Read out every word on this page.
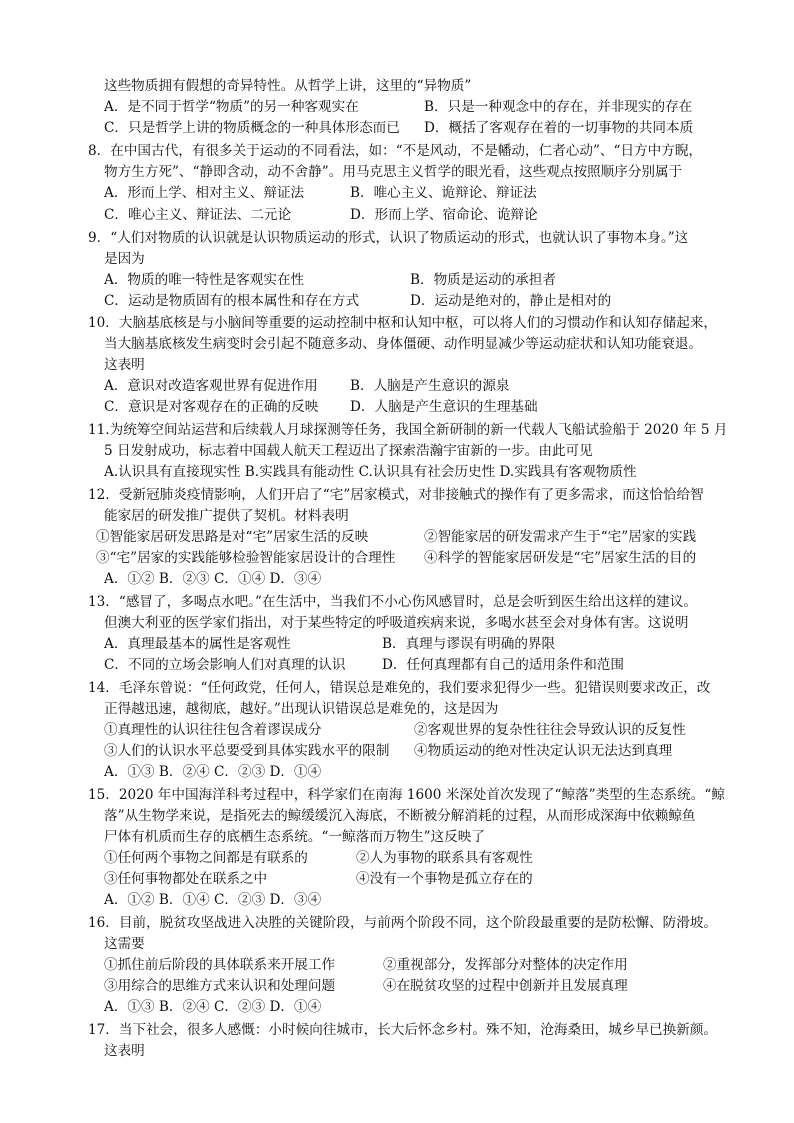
这些物质拥有假想的奇异特性。从哲学上讲，这里的“异物质”
A．是不同于哲学“物质”的另一种客观实在	B．只是一种观念中的存在，并非现实的存在
C．只是哲学上讲的物质概念的一种具体形态而已 D．概括了客观存在着的一切事物的共同本质
8．在中国古代，有很多关于运动的不同看法，如：“不是风动，不是幡动，仁者心动”、“日方中方睨，
物方生方死”、“静即含动，动不舍静”。用马克思主义哲学的眼光看，这些观点按照顺序分别属于
A．形而上学、相对主义、辩证法	B．唯心主义、诡辩论、辩证法
C．唯心主义、辩证法、二元论	D．形而上学、宿命论、诡辩论
9．“人们对物质的认识就是认识物质运动的形式，认识了物质运动的形式，也就认识了事物本身。”这
是因为
A．物质的唯一特性是客观实在性	B．物质是运动的承担者
C．运动是物质固有的根本属性和存在方式	D．运动是绝对的，静止是相对的
10．大脑基底核是与小脑间等重要的运动控制中枢和认知中枢，可以将人们的习惯动作和认知存储起来，
当大脑基底核发生病变时会引起不随意多动、身体僵硬、动作明显减少等运动症状和认知功能衰退。
这表明
A．意识对改造客观世界有促进作用 B．人脑是产生意识的源泉
C．意识是对客观存在的正确的反映 D．人脑是产生意识的生理基础
11.为统筹空间站运营和后续载人月球探测等任务，我国全新研制的新一代载人飞船试验船于 2020 年 5 月
5 日发射成功，标志着中国载人航天工程迈出了探索浩瀚宇宙新的一步。由此可见
A.认识具有直接现实性 B.实践具有能动性 C.认识具有社会历史性 D.实践具有客观物质性
12．受新冠肺炎疫情影响，人们开启了“宅”居家模式，对非接触式的操作有了更多需求，而这恰恰给智
能家居的研发推广提供了契机。材料表明
①智能家居研发思路是对“宅”居家生活的反映	②智能家居的研发需求产生于“宅”居家的实践
③“宅”居家的实践能够检验智能家居设计的合理性 ④科学的智能家居研发是“宅”居家生活的目的
A．①② B．②③ C．①④ D．③④
13．“感冒了，多喝点水吧。”在生活中，当我们不小心伤风感冒时，总是会听到医生给出这样的建议。
但澳大利亚的医学家们指出，对于某些特定的呼吸道疾病来说，多喝水甚至会对身体有害。这说明
A．真理最基本的属性是客观性	B．真理与谬误有明确的界限
C．不同的立场会影响人们对真理的认识	D．任何真理都有自己的适用条件和范围
14．毛泽东曾说：“任何政党，任何人，错误总是难免的，我们要求犯得少一些。犯错误则要求改正，改
正得越迅速，越彻底，越好。”出现认识错误总是难免的，这是因为
①真理性的认识往往包含着谬误成分	②客观世界的复杂性往往会导致认识的反复性
③人们的认识水平总要受到具体实践水平的限制 ④物质运动的绝对性决定认识无法达到真理
A．①③ B．②④ C．②③ D．①④
15．2020 年中国海洋科考过程中，科学家们在南海 1600 米深处首次发现了“鲸落”类型的生态系统。“鲸
落”从生物学来说，是指死去的鲸缓缓沉入海底，不断被分解消耗的过程，从而形成深海中依赖鲸鱼
尸体有机质而生存的底栖生态系统。“一鲸落而万物生”这反映了
①任何两个事物之间都是有联系的	②人为事物的联系具有客观性
③任何事物都处在联系之中	④没有一个事物是孤立存在的
A．①② B．①④ C．②③ D．③④
16．目前，脱贫攻坚战进入决胜的关键阶段，与前两个阶段不同，这个阶段最重要的是防松懈、防滑坡。
这需要
①抓住前后阶段的具体联系来开展工作	②重视部分，发挥部分对整体的决定作用
③用综合的思维方式来认识和处理问题	④在脱贫攻坚的过程中创新并且发展真理
A．①③ B．②④ C．②③ D．①④
17．当下社会，很多人感慨：小时候向往城市，长大后怀念乡村。殊不知，沧海桑田，城乡早已换新颜。
这表明
